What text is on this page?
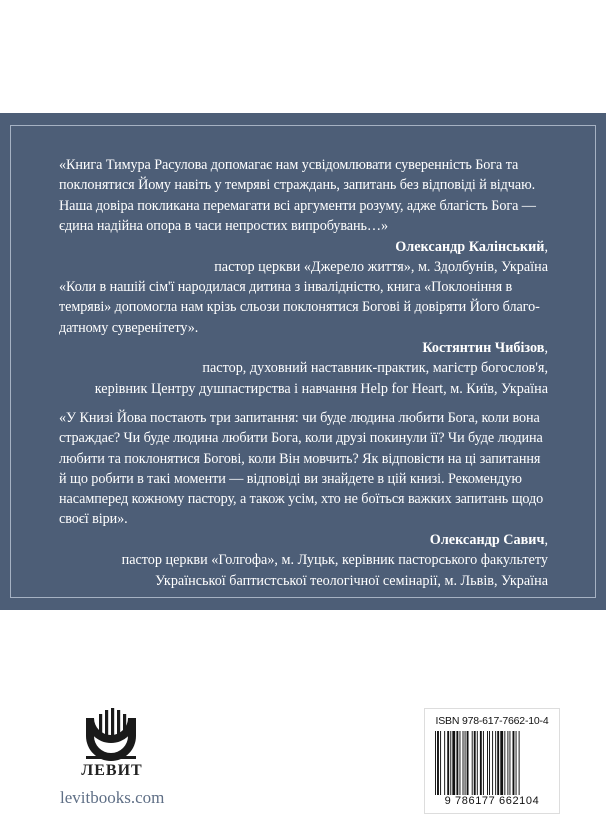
«Книга Тимура Расулова допомагає нам усвідомлювати суверенність Бога та
поклонятися Йому навіть у темряві страждань, запитань без відповіді й відчаю.
Наша довіра покликана перемагати всі аргументи розуму, адже благість Бога —
єдина надійна опора в часи непростих випробувань…»

Олександр Калінський,
пастор церкви «Джерело життя», м. Здолбунів, Україна

«Коли в нашій сім'ї народилася дитина з інвалідністю, книга «Поклоніння в
темряві» допомогла нам крізь сльози поклонятися Богові й довіряти Його благо-
датному суверенітету».

Костянтин Чибізов,
пастор, духовний наставник-практик, магістр богослов'я,
керівник Центру душпастирства і навчання Help for Heart, м. Київ, Україна

«У Книзі Йова постають три запитання: чи буде людина любити Бога, коли вона
страждає? Чи буде людина любити Бога, коли друзі покинули її? Чи буде людина
любити та поклонятися Богові, коли Він мовчить? Як відповісти на ці запитання
й що робити в такі моменти — відповіді ви знайдете в цій книзі. Рекомендую
насамперед кожному пастору, а також усім, хто не боїться важких запитань щодо
своєї віри».

Олександр Савич,
пастор церкви «Голгофа», м. Луцьк, керівник пасторського факультету
Української баптистської теологічної семінарії, м. Львів, Україна
ЛЕВИТ
levitbooks.com
ISBN 978-617-7662-10-4
9 786177 662104
